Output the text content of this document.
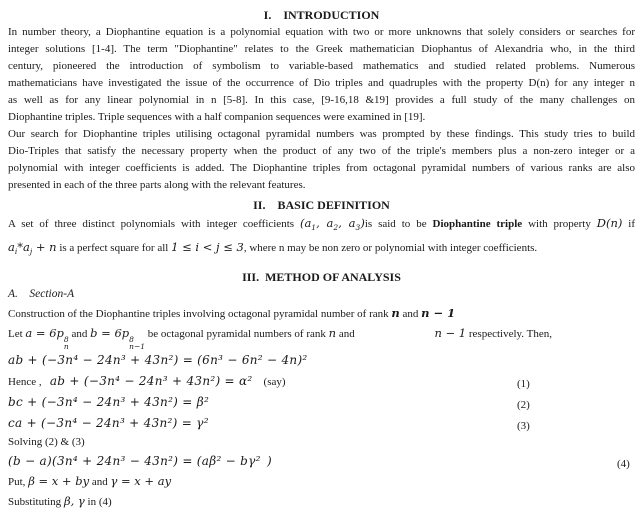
I.  INTRODUCTION
In number theory, a Diophantine equation is a polynomial equation with two or more unknowns that solely considers or searches for
integer solutions [1-4]. The term "Diophantine" relates to the Greek mathematician Diophantus of Alexandria who, in the third
century, pioneered the introduction of symbolism to variable-based mathematics and studied related problems. Numerous
mathematicians have investigated the issue of the occurrence of Dio triples and quadruples with the property D(n) for any integer n
as well as for any linear polynomial in n [5-8]. In this case, [9-16,18 &19] provides a full study of the many challenges on
Diophantine triples. Triple sequences with a half companion sequences were examined in [19].
Our search for Diophantine triples utilising octagonal pyramidal numbers was prompted by these findings. This study tries to build
Dio-Triples that satisfy the necessary property when the product of any two of the triple's members plus a non-zero integer or a
polynomial with integer coefficients is added. The Diophantine triples from octagonal pyramidal numbers of various ranks are also
presented in each of the three parts along with the relevant features.
II.  BASIC DEFINITION
A set of three distinct polynomials with integer coefficients ($a_1$, $a_2$, $a_3)is$ said to be Diophantine triple with property D(n) if
$a_i*a_j + n$ is a perfect square for all 1 ≤ i < j ≤ 3, where n may be non zero or polynomial with integer coefficients.
III. METHOD OF ANALYSIS
A.  Section-A
Construction of the Diophantine triples involving octagonal pyramidal number of rank n and n − 1
Let a = 6p 8
n
and b = 6p 8
n−1
be octagonal pyramidal numbers of rank n and        	n − 1 respectively. Then,
ab + (−3n⁴ − 24n³ + 43n²) = (6n³ − 6n² − 4n)²
Hence ,  ab + (−3n⁴ − 24n³ + 43n²) = α²  (say)	(1)
bc + (−3n⁴ − 24n³ + 43n²) = β²	(2)
ca + (−3n⁴ − 24n³ + 43n²) = γ²	(3)
Solving (2) & (3)
(b − a)(3n⁴ + 24n³ − 43n²) = (aβ² − bγ² )	(4)
Put, β = x + by and γ = x + ay
Substituting β, γ in (4)
